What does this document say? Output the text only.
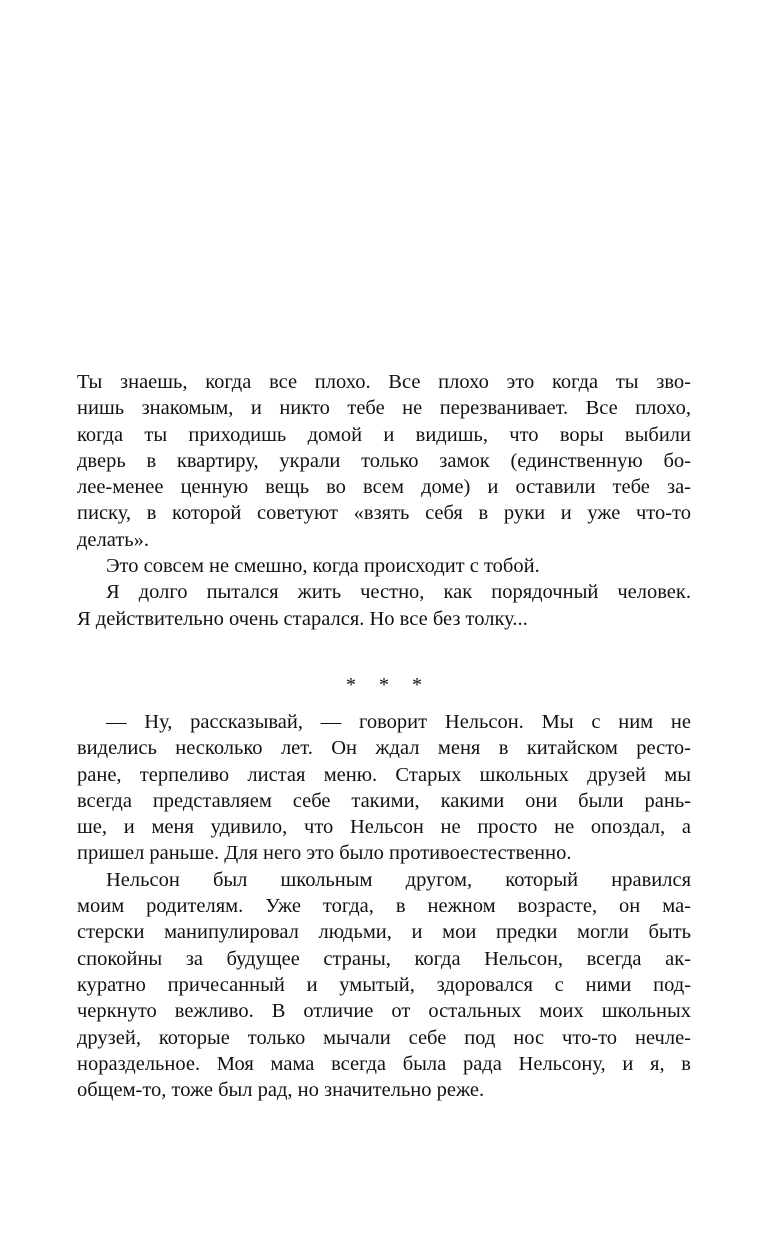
Ты знаешь, когда все плохо. Все плохо это когда ты зво-
нишь знакомым, и никто тебе не перезванивает. Все плохо,
когда ты приходишь домой и видишь, что воры выбили
дверь в квартиру, украли только замок (единственную бо-
лее-менее ценную вещь во всем доме) и оставили тебе за-
писку, в которой советуют «взять себя в руки и уже что-то
делать».
Это совсем не смешно, когда происходит с тобой.
Я долго пытался жить честно, как порядочный человек.
Я действительно очень старался. Но все без толку...
* * *
— Ну, рассказывай, — говорит Нельсон. Мы с ним не
виделись несколько лет. Он ждал меня в китайском ресто-
ране, терпеливо листая меню. Старых школьных друзей мы
всегда представляем себе такими, какими они были рань-
ше, и меня удивило, что Нельсон не просто не опоздал, а
пришел раньше. Для него это было противоестественно.
Нельсон был школьным другом, который нравился
моим родителям. Уже тогда, в нежном возрасте, он ма-
стерски манипулировал людьми, и мои предки могли быть
спокойны за будущее страны, когда Нельсон, всегда ак-
куратно причесанный и умытый, здоровался с ними под-
черкнуто вежливо. В отличие от остальных моих школьных
друзей, которые только мычали себе под нос что-то нечле-
нораздельное. Моя мама всегда была рада Нельсону, и я, в
общем-то, тоже был рад, но значительно реже.
